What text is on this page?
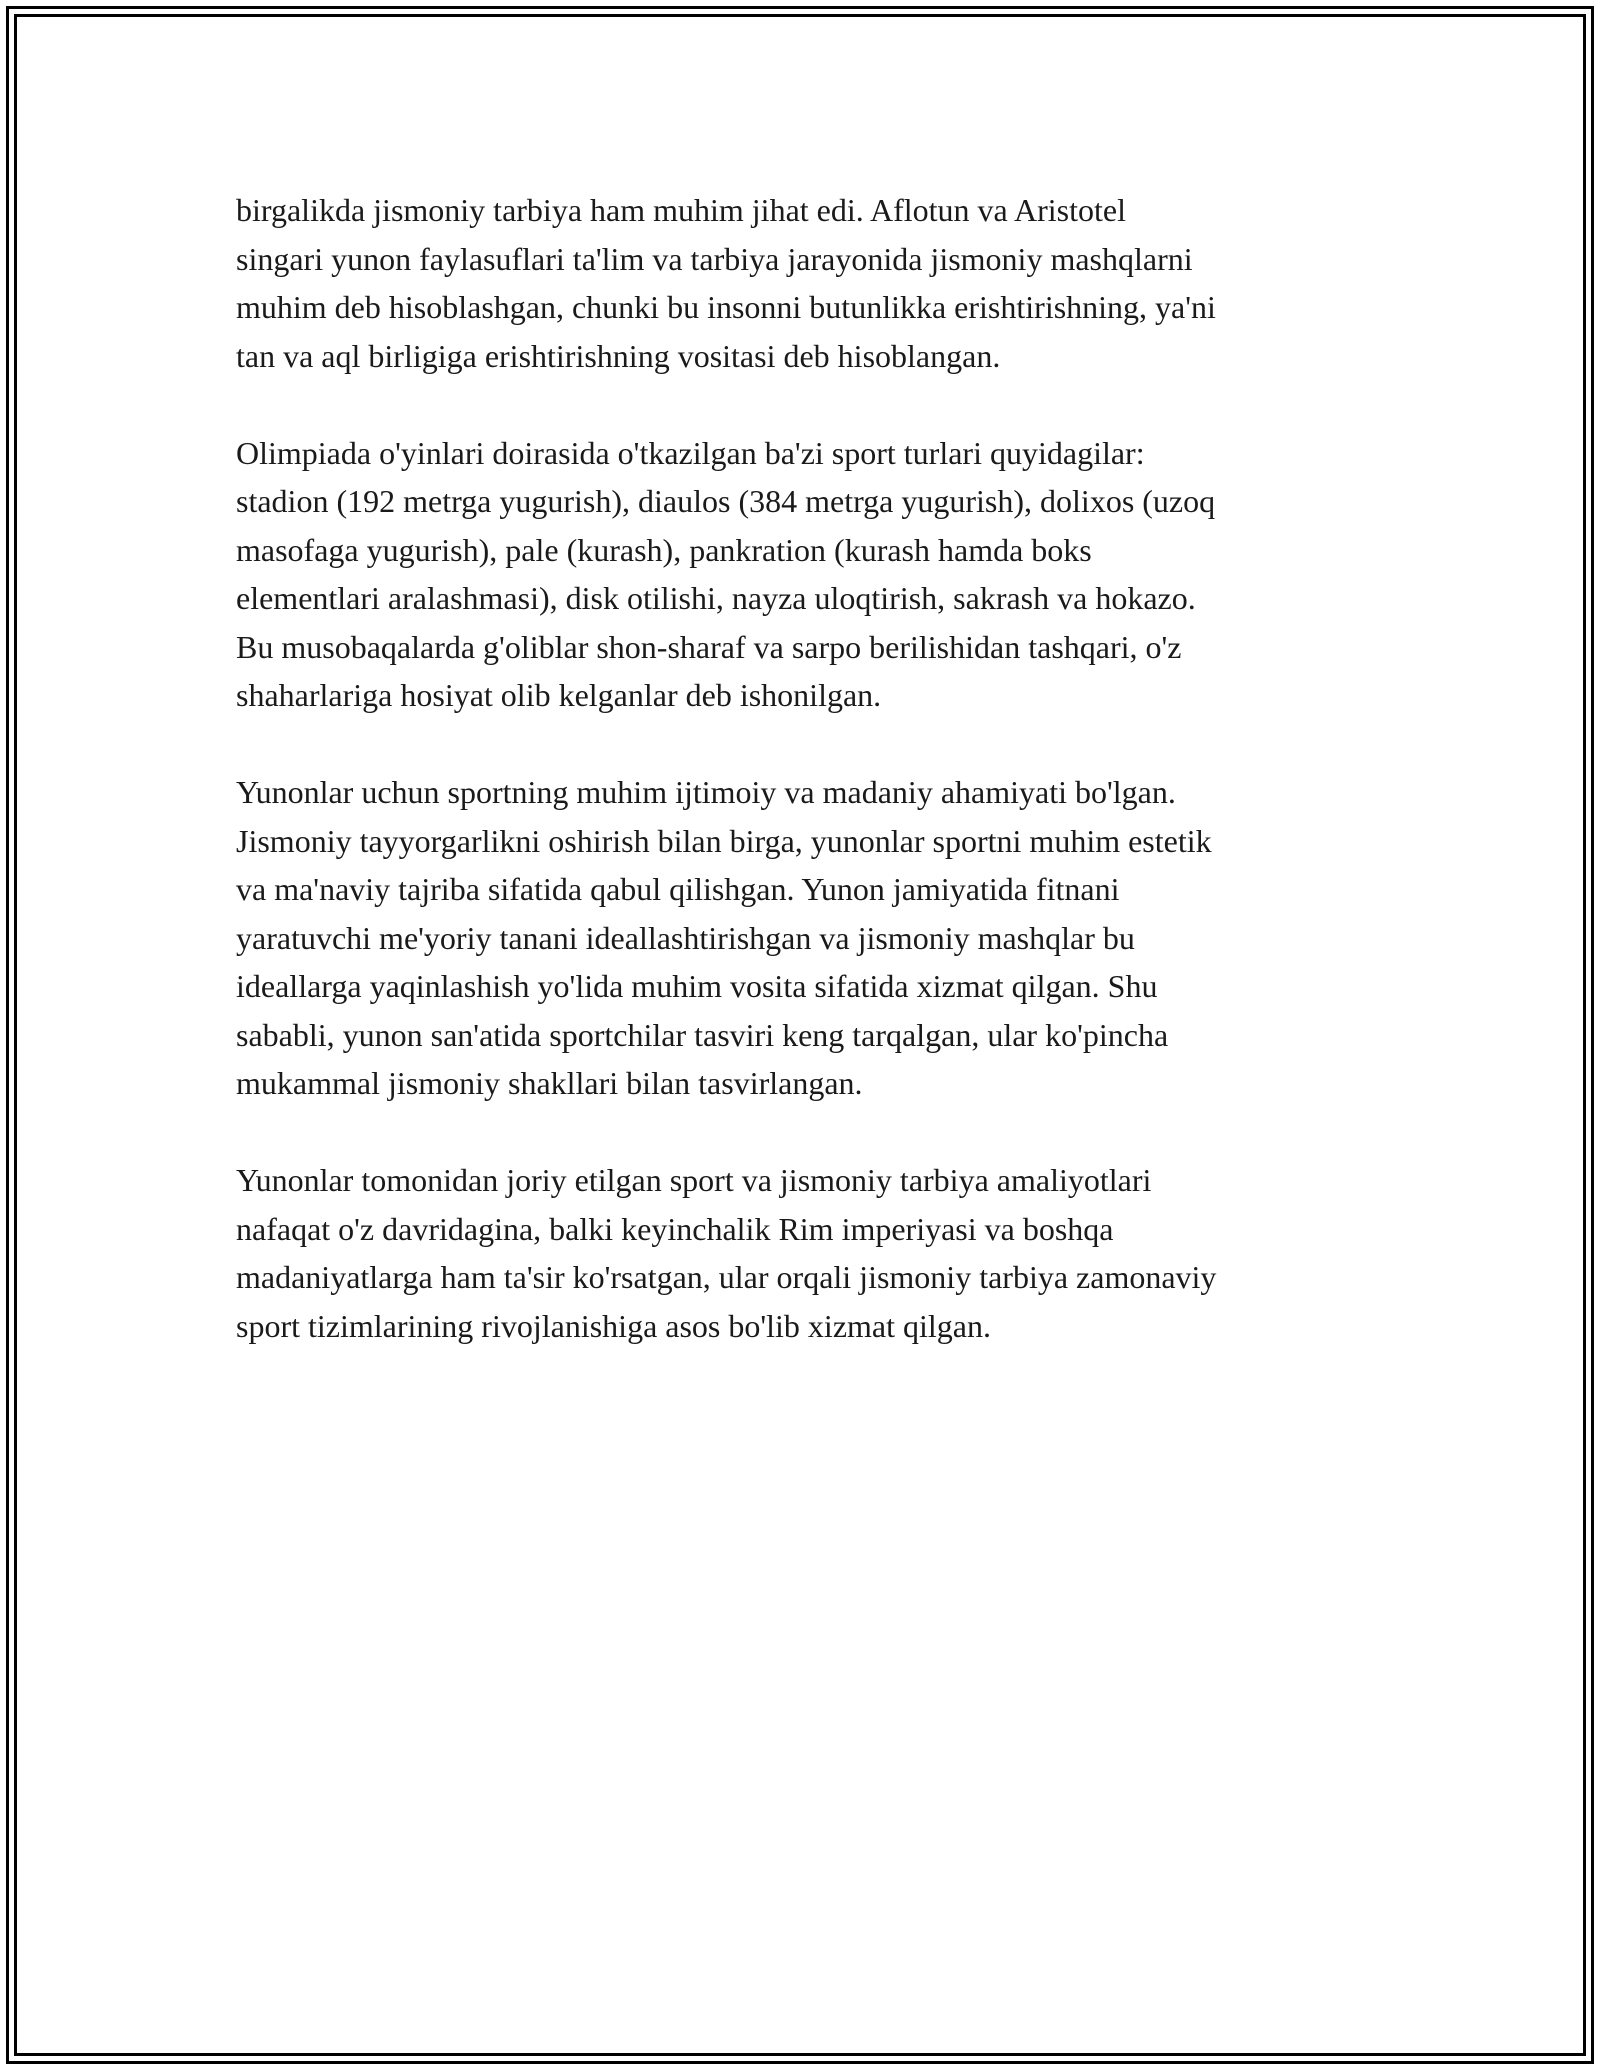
birgalikda jismoniy tarbiya ham muhim jihat edi. Aflotun va Aristotel
singari yunon faylasuflari ta'lim va tarbiya jarayonida jismoniy mashqlarni
muhim deb hisoblashgan, chunki bu insonni butunlikka erishtirishning, ya'ni
tan va aql birligiga erishtirishning vositasi deb hisoblangan.

Olimpiada o'yinlari doirasida o'tkazilgan ba'zi sport turlari quyidagilar:
stadion (192 metrga yugurish), diaulos (384 metrga yugurish), dolixos (uzoq
masofaga yugurish), pale (kurash), pankration (kurash hamda boks
elementlari aralashmasi), disk otilishi, nayza uloqtirish, sakrash va hokazo.
Bu musobaqalarda g'oliblar shon-sharaf va sarpo berilishidan tashqari, o'z
shaharlariga hosiyat olib kelganlar deb ishonilgan.

Yunonlar uchun sportning muhim ijtimoiy va madaniy ahamiyati bo'lgan.
Jismoniy tayyorgarlikni oshirish bilan birga, yunonlar sportni muhim estetik
va ma'naviy tajriba sifatida qabul qilishgan. Yunon jamiyatida fitnani
yaratuvchi me'yoriy tanani ideallashtirishgan va jismoniy mashqlar bu
ideallarga yaqinlashish yo'lida muhim vosita sifatida xizmat qilgan. Shu
sababli, yunon san'atida sportchilar tasviri keng tarqalgan, ular ko'pincha
mukammal jismoniy shakllari bilan tasvirlangan.

Yunonlar tomonidan joriy etilgan sport va jismoniy tarbiya amaliyotlari
nafaqat o'z davridagina, balki keyinchalik Rim imperiyasi va boshqa
madaniyatlarga ham ta'sir ko'rsatgan, ular orqali jismoniy tarbiya zamonaviy
sport tizimlarining rivojlanishiga asos bo'lib xizmat qilgan.
